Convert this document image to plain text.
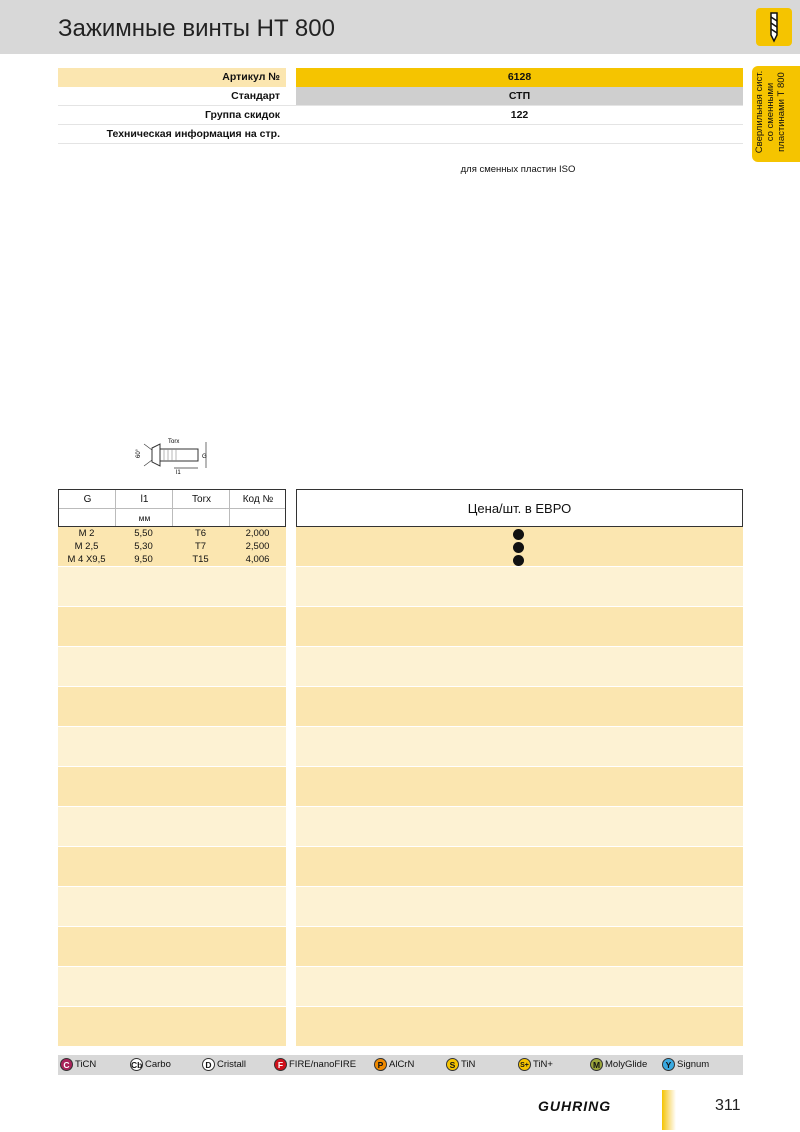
Зажимные винты HT 800
Сверлильная сист. со сменными пластинами Т 800
Артикул №	6128
Стандарт	СТП
Группа скидок	122
Техническая информация на стр.
для сменных пластин ISO
Torx
60°	G
l1
G	l1	Torx	Код №
мм
Цена/шт. в ЕВРО
M 2	5,50	T6	2,000
M 2,5	5,30	T7	2,500
M 4 X9,5	9,50	T15	4,006
C TiCN	Cb Carbo	D Cristall	F FIRE/nanoFIRE	P AlCrN	S TiN	S+ TiN+	M MolyGlide	Y Signum
GUHRING	311
